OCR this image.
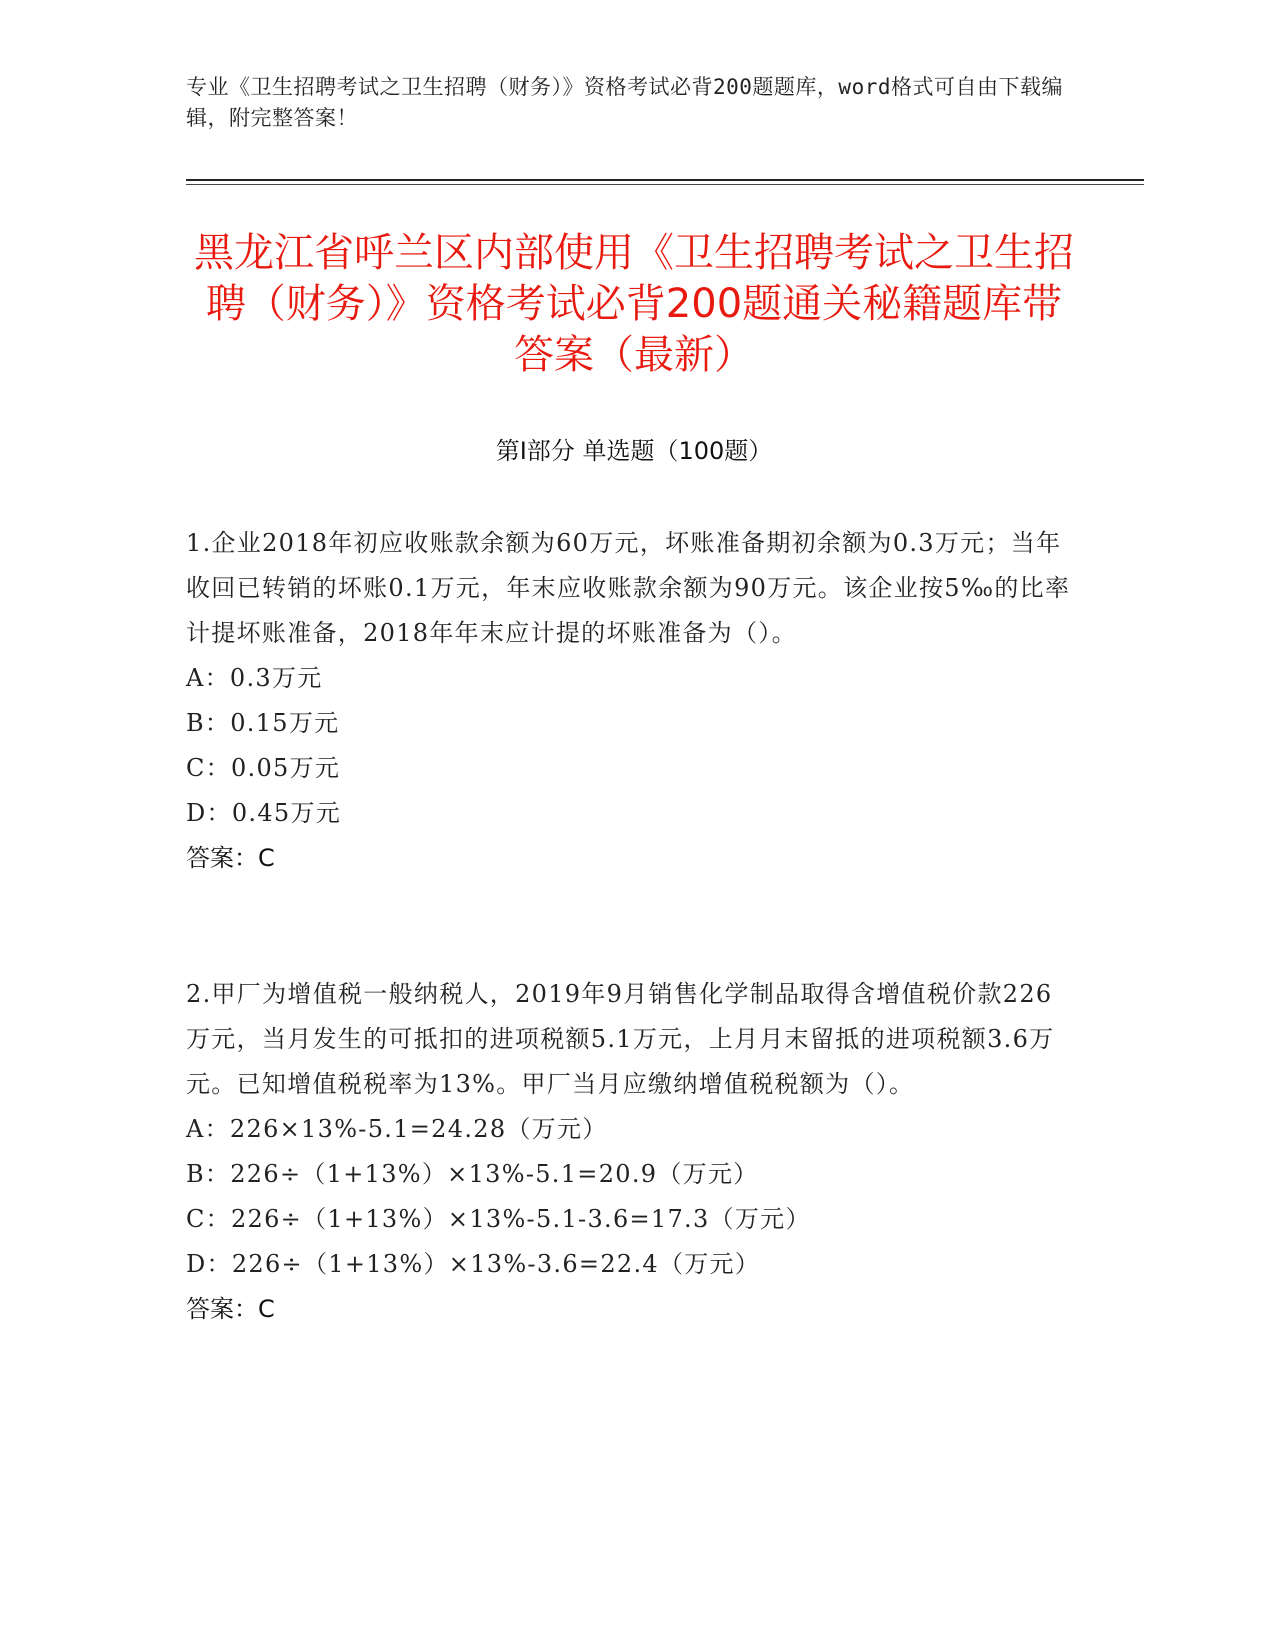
专业《卫生招聘考试之卫生招聘（财务）》资格考试必背200题题库，word格式可自由下载编辑，附完整答案！
黑龙江省呼兰区内部使用《卫生招聘考试之卫生招聘（财务）》资格考试必背200题通关秘籍题库带答案（最新）
第Ⅰ部分 单选题（100题）

1.企业2018年初应收账款余额为60万元，坏账准备期初余额为0.3万元；当年收回已转销的坏账0.1万元，年末应收账款余额为90万元。该企业按5‰的比率计提坏账准备，2018年年末应计提的坏账准备为（）。

A：0.3万元

B：0.15万元

C：0.05万元

D：0.45万元

答案：C

2.甲厂为增值税一般纳税人，2019年9月销售化学制品取得含增值税价款226万元，当月发生的可抵扣的进项税额5.1万元，上月月末留抵的进项税额3.6万元。已知增值税税率为13%。甲厂当月应缴纳增值税税额为（）。

A：226×13%-5.1=24.28（万元）

B：226÷（1+13%）×13%-5.1=20.9（万元）

C：226÷（1+13%）×13%-5.1-3.6=17.3（万元）

D：226÷（1+13%）×13%-3.6=22.4（万元）

答案：C
